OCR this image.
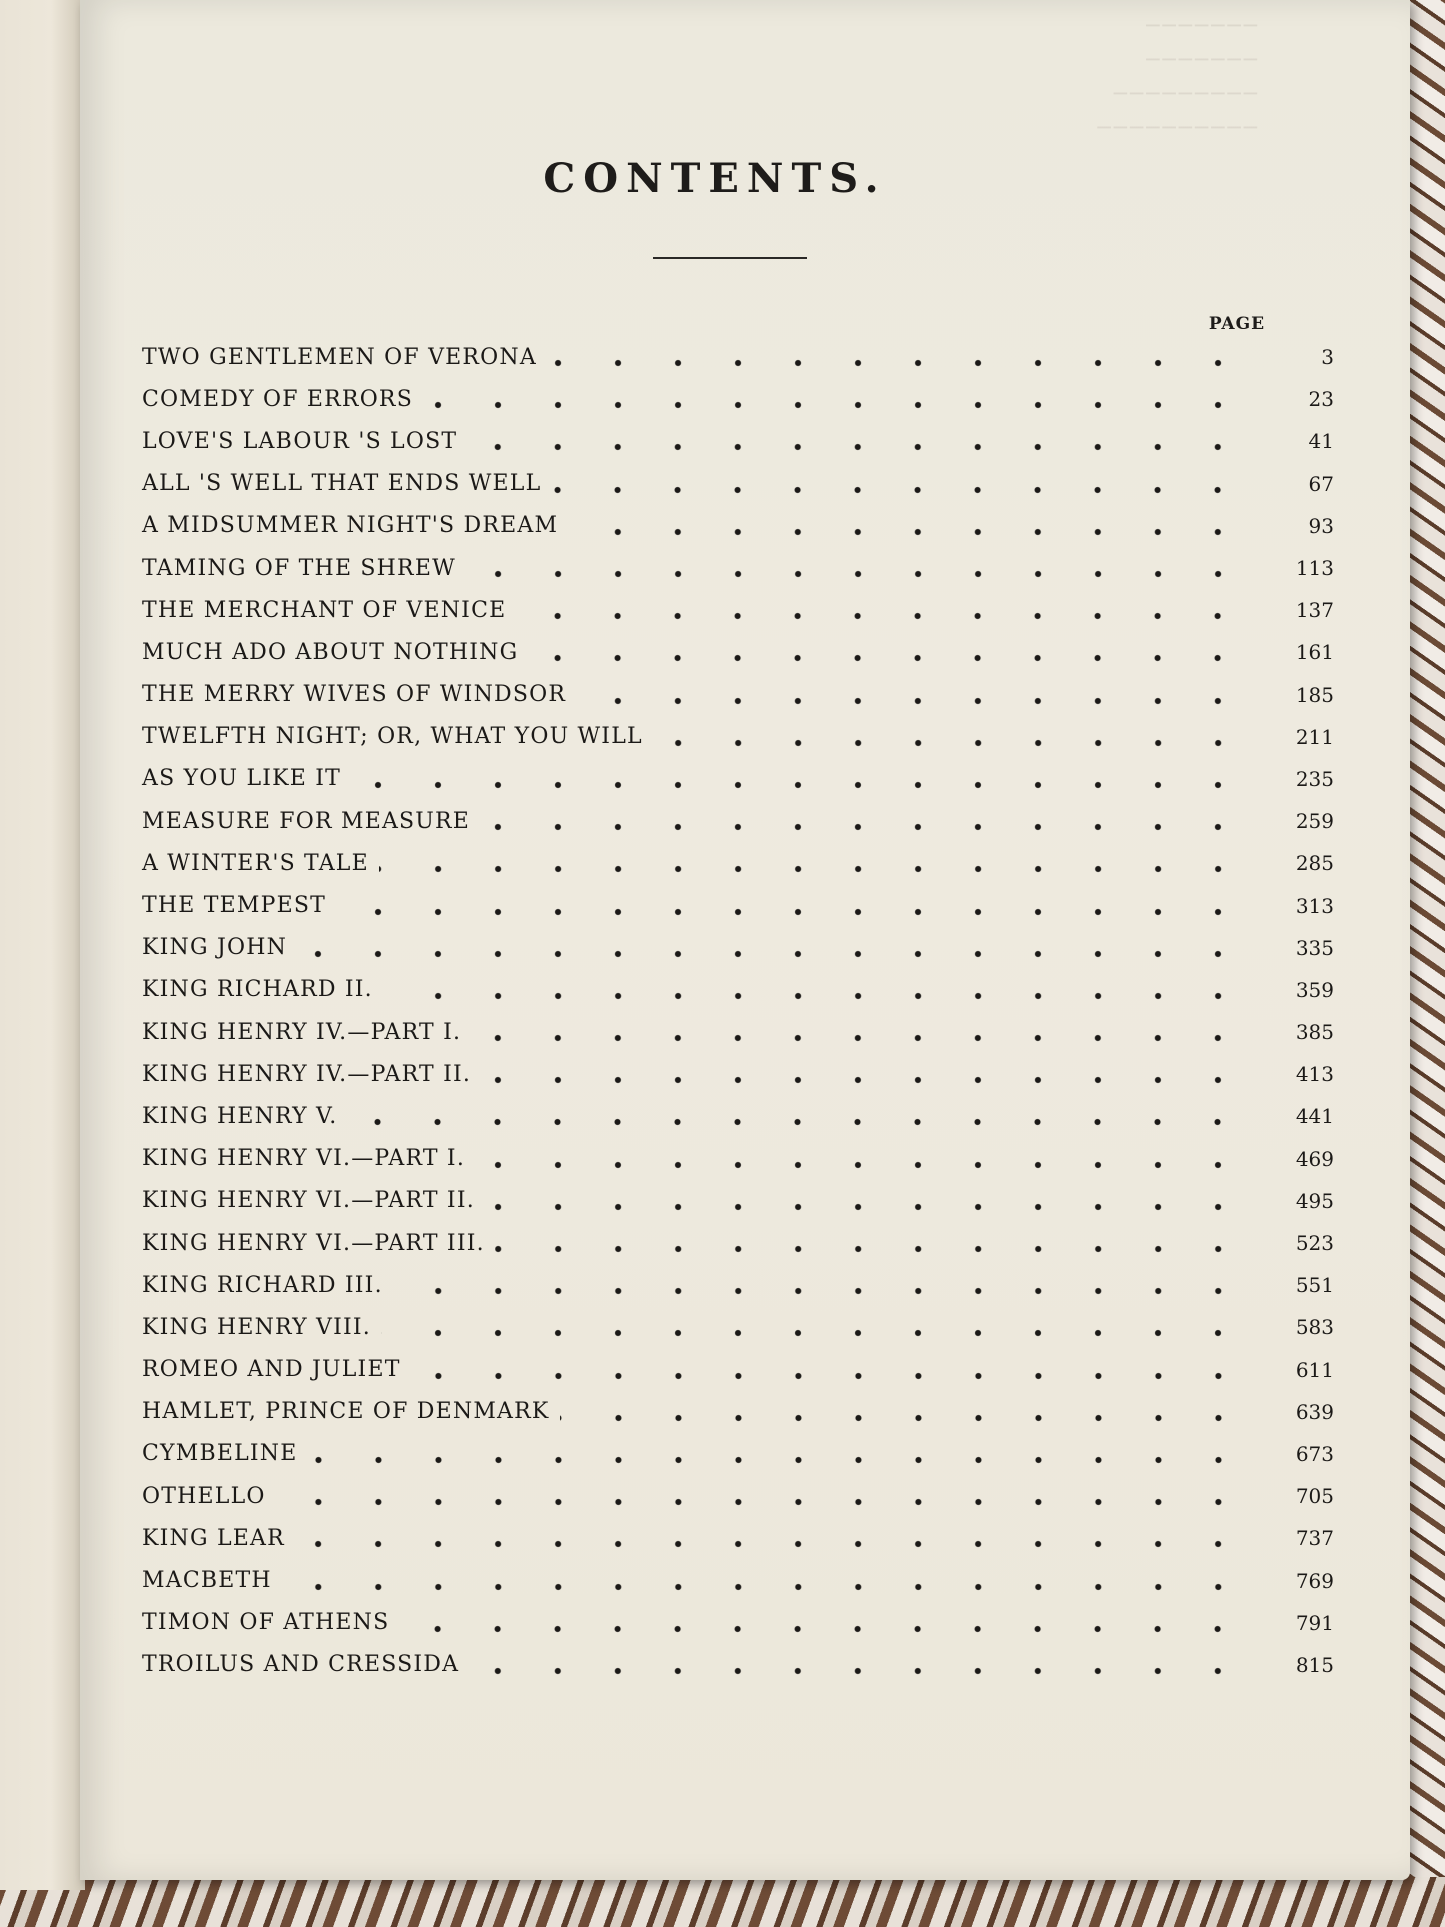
───────
───────
─────────
──────────
CONTENTS.
PAGE
TWO GENTLEMEN OF VERONA	3
COMEDY OF ERRORS	23
LOVE'S LABOUR 'S LOST	41
ALL 'S WELL THAT ENDS WELL	67
A MIDSUMMER NIGHT'S DREAM	93
TAMING OF THE SHREW	113
THE MERCHANT OF VENICE	137
MUCH ADO ABOUT NOTHING	161
THE MERRY WIVES OF WINDSOR	185
TWELFTH NIGHT; OR, WHAT YOU WILL	211
AS YOU LIKE IT	235
MEASURE FOR MEASURE	259
A WINTER'S TALE	285
THE TEMPEST	313
KING JOHN	335
KING RICHARD II.	359
KING HENRY IV.—PART I.	385
KING HENRY IV.—PART II.	413
KING HENRY V.	441
KING HENRY VI.—PART I.	469
KING HENRY VI.—PART II.	495
KING HENRY VI.—PART III.	523
KING RICHARD III.	551
KING HENRY VIII.	583
ROMEO AND JULIET	611
HAMLET, PRINCE OF DENMARK	639
CYMBELINE	673
OTHELLO	705
KING LEAR	737
MACBETH	769
TIMON OF ATHENS	791
TROILUS AND CRESSIDA	815
